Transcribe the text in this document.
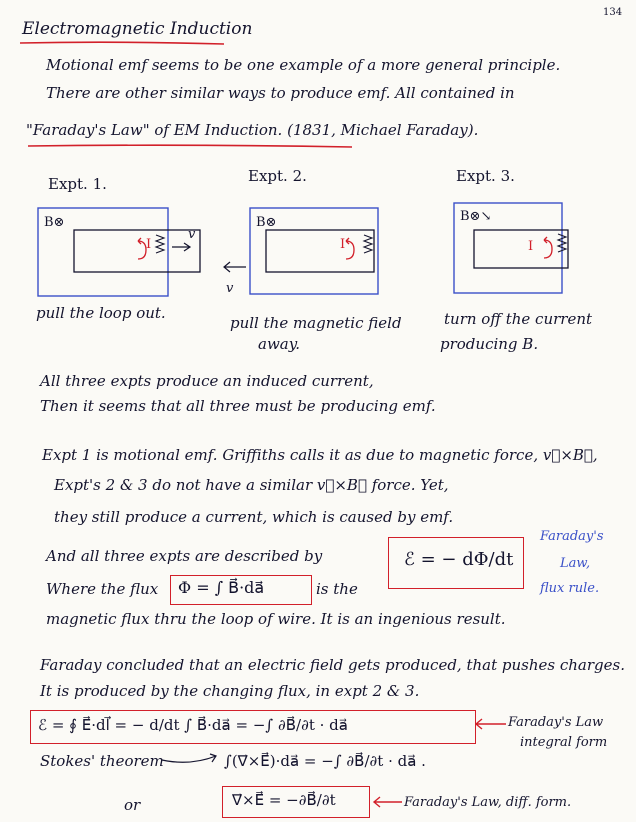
134
Electromagnetic Induction
Motional emf seems to be one example of a more general principle.
There are other similar ways to produce emf. All contained in
"Faraday's Law" of EM Induction. (1831, Michael Faraday).
Expt. 1.	Expt. 2.	Expt. 3.
B⊗
I
v
B⊗
I
v
B⊗↘
I
pull the loop out.
pull the magnetic field
away.
turn off the current
producing B.
All three expts produce an induced current,
Then it seems that all three must be producing emf.
Expt 1 is motional emf. Griffiths calls it as due to magnetic force, v⃗×B⃗,
Expt's 2 & 3 do not have a similar v⃗×B⃗ force. Yet,
they still produce a current, which is caused by emf.
And all three expts are described by	ℰ = − dΦ/dt
Faraday's
Law,
flux rule.
Where the flux Φ = ∫ B⃗·da⃗	is the
magnetic flux thru the loop of wire. It is an ingenious result.
Faraday concluded that an electric field gets produced, that pushes charges.
It is produced by the changing flux, in expt 2 & 3.
ℰ = ∮ E⃗·dl⃗ = − d/dt ∫ B⃗·da⃗ = −∫ ∂B⃗/∂t · da⃗	Faraday's Law
integral form
Stokes' theorem	∫(∇⃗×E⃗)·da⃗ = −∫ ∂B⃗/∂t · da⃗ .
or	∇⃗×E⃗ = −∂B⃗/∂t	Faraday's Law, diff. form.
